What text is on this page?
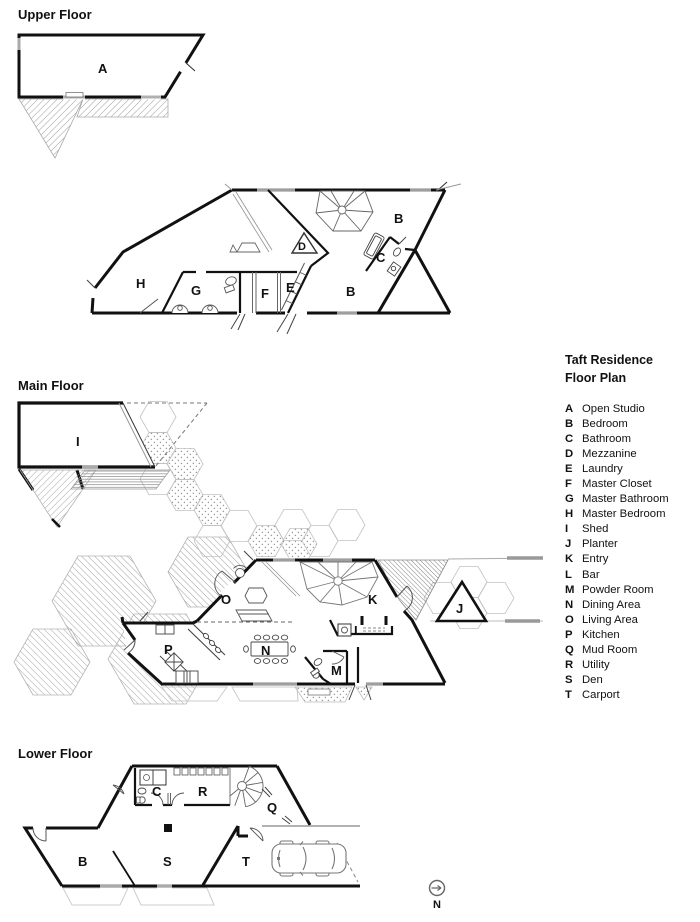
Upper Floor
A
B
D
C
B
E
F
G
H
Main Floor
I
J
O	K
L
N
M
P
Lower Floor
C	R
Q
B	S	T
N
Taft Residence
Floor Plan
A Open Studio
B Bedroom
C Bathroom
D Mezzanine
E Laundry
F Master Closet
G Master Bathroom
H Master Bedroom
I Shed
J Planter
K Entry
L Bar
M Powder Room
N Dining Area
O Living Area
P Kitchen
Q Mud Room
R Utility
S Den
T Carport
